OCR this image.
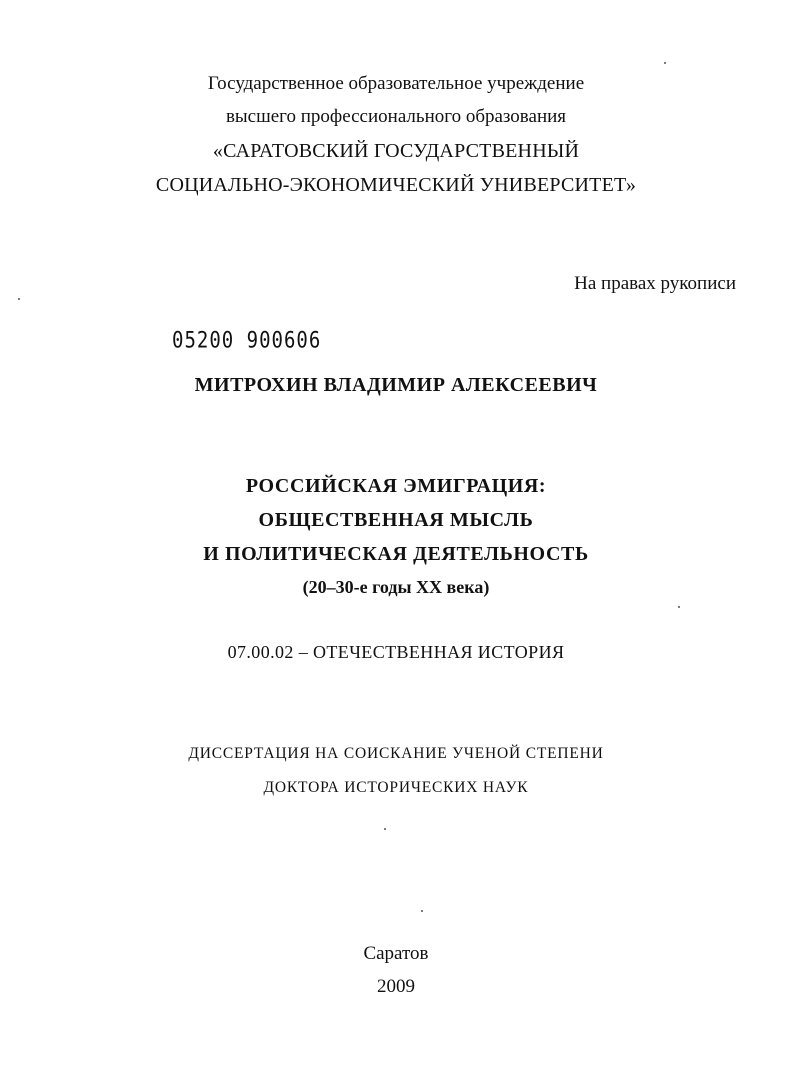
Государственное образовательное учреждение
высшего профессионального образования
«САРАТОВСКИЙ ГОСУДАРСТВЕННЫЙ
СОЦИАЛЬНО-ЭКОНОМИЧЕСКИЙ УНИВЕРСИТЕТ»
На правах рукописи
05200 900606
МИТРОХИН ВЛАДИМИР АЛЕКСЕЕВИЧ
РОССИЙСКАЯ ЭМИГРАЦИЯ:
ОБЩЕСТВЕННАЯ МЫСЛЬ
И ПОЛИТИЧЕСКАЯ ДЕЯТЕЛЬНОСТЬ
(20–30-е годы XX века)
07.00.02 – ОТЕЧЕСТВЕННАЯ ИСТОРИЯ
ДИССЕРТАЦИЯ НА СОИСКАНИЕ УЧЕНОЙ СТЕПЕНИ
ДОКТОРА ИСТОРИЧЕСКИХ НАУК
Саратов
2009
